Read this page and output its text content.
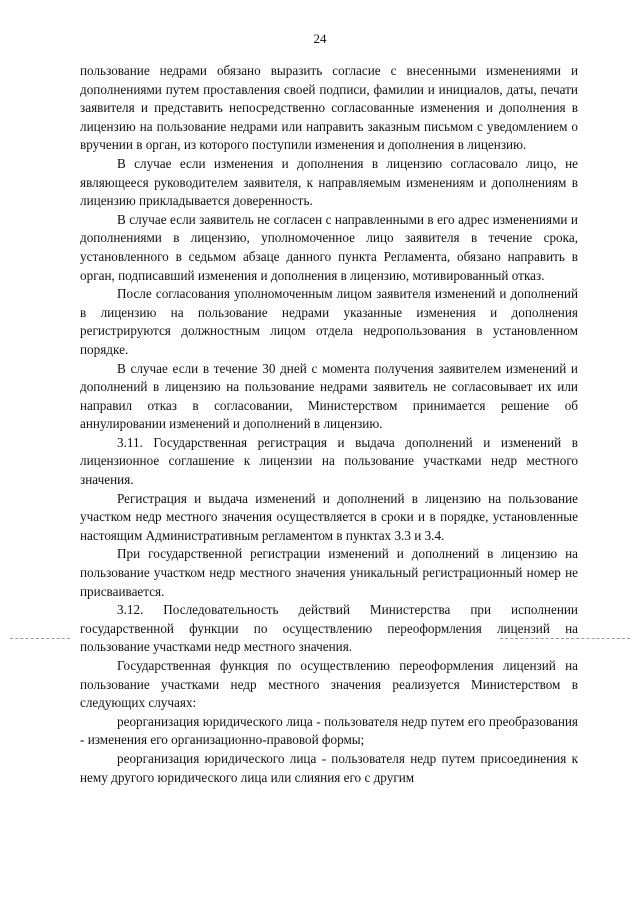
24

пользование недрами обязано выразить согласие с внесенными изменениями и дополнениями путем проставления своей подписи, фамилии и инициалов, даты, печати заявителя и представить непосредственно согласованные изменения и дополнения в лицензию на пользование недрами или направить заказным письмом с уведомлением о вручении в орган, из которого поступили изменения и дополнения в лицензию.

В случае если изменения и дополнения в лицензию согласовало лицо, не являющееся руководителем заявителя, к направляемым изменениям и дополнениям в лицензию прикладывается доверенность.

В случае если заявитель не согласен с направленными в его адрес изменениями и дополнениями в лицензию, уполномоченное лицо заявителя в течение срока, установленного в седьмом абзаце данного пункта Регламента, обязано направить в орган, подписавший изменения и дополнения в лицензию, мотивированный отказ.

После согласования уполномоченным лицом заявителя изменений и дополнений в лицензию на пользование недрами указанные изменения и дополнения регистрируются должностным лицом отдела недропользования в установленном порядке.

В случае если в течение 30 дней с момента получения заявителем изменений и дополнений в лицензию на пользование недрами заявитель не согласовывает их или направил отказ в согласовании, Министерством принимается решение об аннулировании изменений и дополнений в лицензию.

3.11. Государственная регистрация и выдача дополнений и изменений в лицензионное соглашение к лицензии на пользование участками недр местного значения.

Регистрация и выдача изменений и дополнений в лицензию на пользование участком недр местного значения осуществляется в сроки и в порядке, установленные настоящим Административным регламентом в пунктах 3.3 и 3.4.

При государственной регистрации изменений и дополнений в лицензию на пользование участком недр местного значения уникальный регистрационный номер не присваивается.

3.12. Последовательность действий Министерства при исполнении государственной функции по осуществлению переоформления лицензий на пользование участками недр местного значения.

Государственная функция по осуществлению переоформления лицензий на пользование участками недр местного значения реализуется Министерством в следующих случаях:

реорганизация юридического лица - пользователя недр путем его преобразования - изменения его организационно-правовой формы;

реорганизация юридического лица - пользователя недр путем присоединения к нему другого юридического лица или слияния его с другим
